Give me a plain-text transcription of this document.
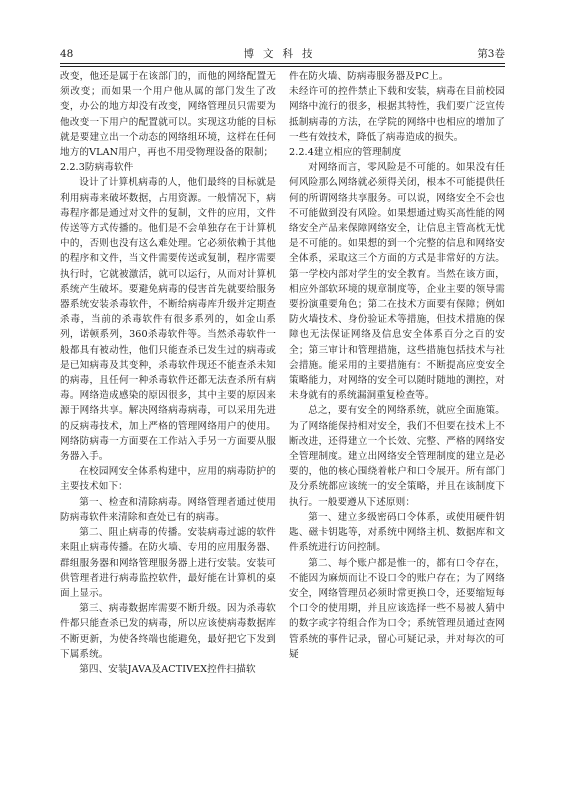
48	博文科技	第3卷

改变，他还是属于在该部门的，而他的网络配置无须改变；而如果一个用户他从属的部门发生了改变，办公的地方却没有改变，网络管理员只需要为他改变一下用户的配置就可以。实现这功能的目标就是要建立出一个动态的网络组环境，这样在任何地方的VLAN用户，再也不用受物理设备的限制；

2.2.3防病毒软件

设计了计算机病毒的人，他们最终的目标就是利用病毒来破坏数据，占用资源。一般情况下，病毒程序都是通过对文件的复制，文件的应用，文件传送等方式传播的。他们是不会单独存在于计算机中的，否则也没有这么难处理。它必须依赖于其他的程序和文件，当文件需要传送或复制，程序需要执行时，它就被激活，就可以运行，从而对计算机系统产生破坏。要避免病毒的侵害首先就要给服务器系统安装杀毒软件，不断给病毒库升级并定期查杀毒，当前的杀毒软件有很多系列的，如金山系列，诺顿系列，360杀毒软件等。当然杀毒软件一般都具有被动性，他们只能查杀已发生过的病毒或是已知病毒及其变种，杀毒软件现还不能查杀未知的病毒，且任何一种杀毒软件还都无法查杀所有病毒。网络造成感染的原因很多，其中主要的原因来源于网络共享。解决网络病毒病毒，可以采用先进的反病毒技术，加上严格的管理网络用户的使用。网络防病毒一方面要在工作站入手另一方面要从服务器入手。

在校园网安全体系构建中，应用的病毒防护的主要技术如下：

第一、检查和清除病毒。网络管理者通过使用防病毒软件来清除和查处已有的病毒。

第二、阻止病毒的传播。安装病毒过滤的软件来阻止病毒传播。在防火墙、专用的应用服务器、群组服务器和网络管理服务器上进行安装。安装可供管理者进行病毒监控软件，最好能在计算机的桌面上显示。

第三、病毒数据库需要不断升级。因为杀毒软件都只能查杀已发的病毒，所以应该使病毒数据库不断更新，为使各终端也能避免，最好把它下发到下属系统。

第四、安装JAVA及ACTIVEX控件扫描软

件在防火墙、防病毒服务器及PC上。

未经许可的控件禁止下载和安装，病毒在目前校园网络中流行的很多，根据其特性，我们要广泛宣传抵制病毒的方法，在学院的网络中也相应的增加了一些有效技术，降低了病毒造成的损失。

2.2.4建立相应的管理制度

对网络而言，零风险是不可能的。如果没有任何风险那么网络就必须得关闭，根本不可能提供任何的所谓网络共享服务。可以说，网络安全不会也不可能做到没有风险。如果想通过购买高性能的网络安全产品来保障网络安全，让信息主管高枕无忧是不可能的。如果想的到一个完整的信息和网络安全体系，采取这三个方面的方式是非常好的方法。第一学校内部对学生的安全教育。当然在该方面，相应外部软环境的规章制度等，企业主要的领导需要扮演重要角色；第二在技术方面要有保障；例如防火墙技术、身份验证术等措施，但技术措施的保障也无法保证网络及信息安全体系百分之百的安全；第三审计和管理措施，这些措施包括技术与社会措施。能采用的主要措施有：不断提高应变安全策略能力，对网络的安全可以随时随地的测控，对未身就有的系统漏洞重复检查等。

总之，要有安全的网络系统，就应全面施策。为了网络能保持相对安全，我们不但要在技术上不断改进，还得建立一个长效、完整、严格的网络安全管理制度。建立出网络安全管理制度的建立是必要的，他的核心围绕着帐户和口令展开。所有部门及分系统都应该统一的安全策略，并且在该制度下执行。一般要遵从下述原则：

第一、建立多级密码口令体系，或使用硬件钥匙、磁卡钥匙等，对系统中网络主机、数据库和文件系统进行访问控制。

第二、每个账户都是惟一的，都有口令存在，不能因为麻烦而让不设口令的账户存在；为了网络安全，网络管理员必须时常更换口令，还要缩短每个口令的使用期，并且应该选择一些不易被人猜中的数字或字符组合作为口令；系统管理员通过查网管系统的事件记录，留心可疑记录，并对每次的可疑
